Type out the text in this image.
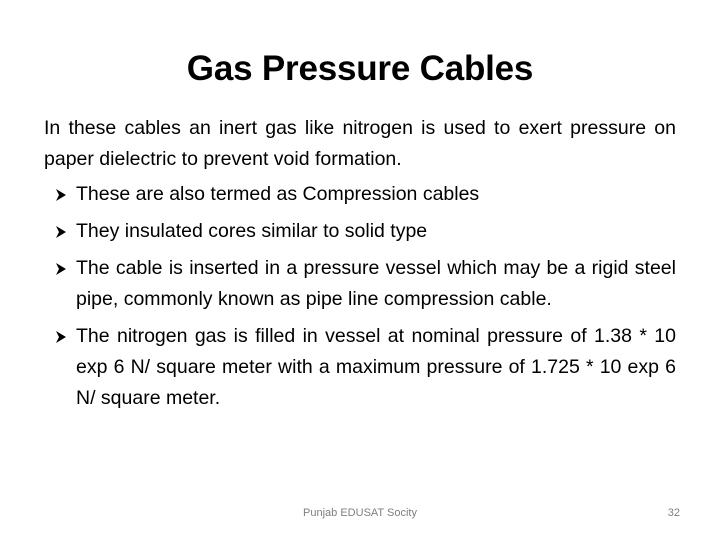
Gas Pressure Cables

In these cables an inert gas like nitrogen is used to exert pressure on paper dielectric to prevent void formation.

These are also termed as Compression cables
They insulated cores similar to solid type
The cable is inserted in a pressure vessel which may be a rigid steel pipe, commonly known as pipe line compression cable.
The nitrogen gas is filled in vessel at nominal pressure of 1.38 * 10 exp 6 N/ square meter with a maximum pressure of 1.725 * 10 exp 6 N/ square meter.
Punjab EDUSAT Socity	32
